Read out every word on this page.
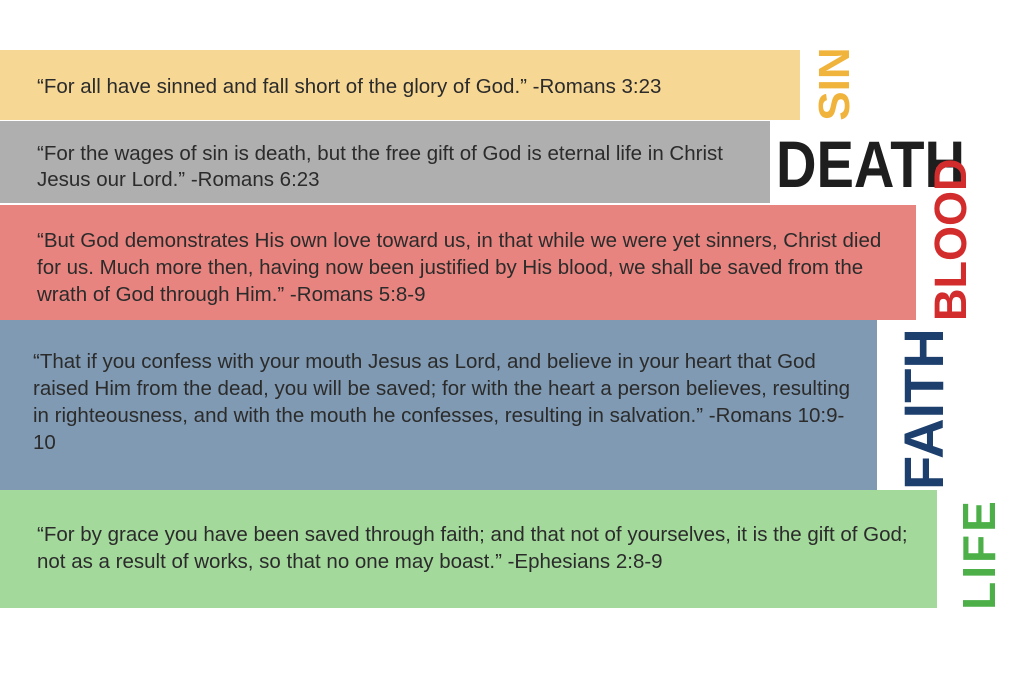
“For all have sinned and fall short of the glory of God.” -Romans 3:23

“For the wages of sin is death, but the free gift of God is eternal life in Christ Jesus our Lord.” -Romans 6:23

“But God demonstrates His own love toward us, in that while we were yet sinners, Christ died for us. Much more then, having now been justified by His blood, we shall be saved from the wrath of God through Him.” -Romans 5:8-9

“That if you confess with your mouth Jesus as Lord, and believe in your heart that God raised Him from the dead, you will be saved; for with the heart a person believes, resulting in righteousness, and with the mouth he confesses, resulting in salvation.” -Romans 10:9-10

“For by grace you have been saved through faith; and that not of yourselves, it is the gift of God; not as a result of works, so that no one may boast.” -Ephesians 2:8-9

SIN
DEATH
BLOOD
FAITH
LIFE
